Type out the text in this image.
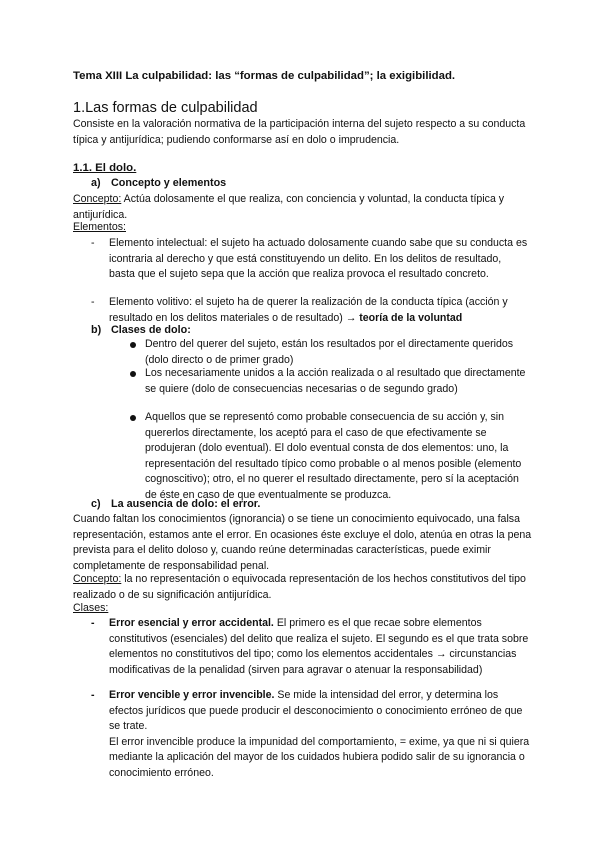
Tema XIII La culpabilidad: las “formas de culpabilidad”; la exigibilidad.
1.Las formas de culpabilidad
Consiste en la valoración normativa de la participación interna del sujeto respecto a su conducta típica y antijurídica; pudiendo conformarse así en dolo o imprudencia.
1.1. El dolo.
a) Concepto y elementos
Concepto: Actúa dolosamente el que realiza, con conciencia y voluntad, la conducta típica y antijurídica.
Elementos:
- Elemento intelectual: el sujeto ha actuado dolosamente cuando sabe que su conducta es icontraria al derecho y que está constituyendo un delito. En los delitos de resultado, basta que el sujeto sepa que la acción que realiza provoca el resultado concreto.
- Elemento volitivo: el sujeto ha de querer la realización de la conducta típica (acción y resultado en los delitos materiales o de resultado) → teoría de la voluntad
b) Clases de dolo:
Dentro del querer del sujeto, están los resultados por el directamente queridos (dolo directo o de primer grado)
Los necesariamente unidos a la acción realizada o al resultado que directamente se quiere (dolo de consecuencias necesarias o de segundo grado)
Aquellos que se representó como probable consecuencia de su acción y, sin quererlos directamente, los aceptó para el caso de que efectivamente se produjeran (dolo eventual). El dolo eventual consta de dos elementos: uno, la representación del resultado típico como probable o al menos posible (elemento cognoscitivo); otro, el no querer el resultado directamente, pero sí la aceptación de éste en caso de que eventualmente se produzca.
c) La ausencia de dolo: el error.
Cuando faltan los conocimientos (ignorancia) o se tiene un conocimiento equivocado, una falsa representación, estamos ante el error. En ocasiones éste excluye el dolo, atenúa en otras la pena prevista para el delito doloso y, cuando reúne determinadas características, puede eximir completamente de responsabilidad penal.
Concepto: la no representación o equivocada representación de los hechos constitutivos del tipo realizado o de su significación antijurídica.
Clases:
- Error esencial y error accidental. El primero es el que recae sobre elementos constitutivos (esenciales) del delito que realiza el sujeto. El segundo es el que trata sobre elementos no constitutivos del tipo; como los elementos accidentales → circunstancias modificativas de la penalidad (sirven para agravar o atenuar la responsabilidad)
- Error vencible y error invencible. Se mide la intensidad del error, y determina los efectos jurídicos que puede producir el desconocimiento o conocimiento erróneo de que se trate.
El error invencible produce la impunidad del comportamiento, = exime, ya que ni si quiera mediante la aplicación del mayor de los cuidados hubiera podido salir de su ignorancia o conocimiento erróneo.
